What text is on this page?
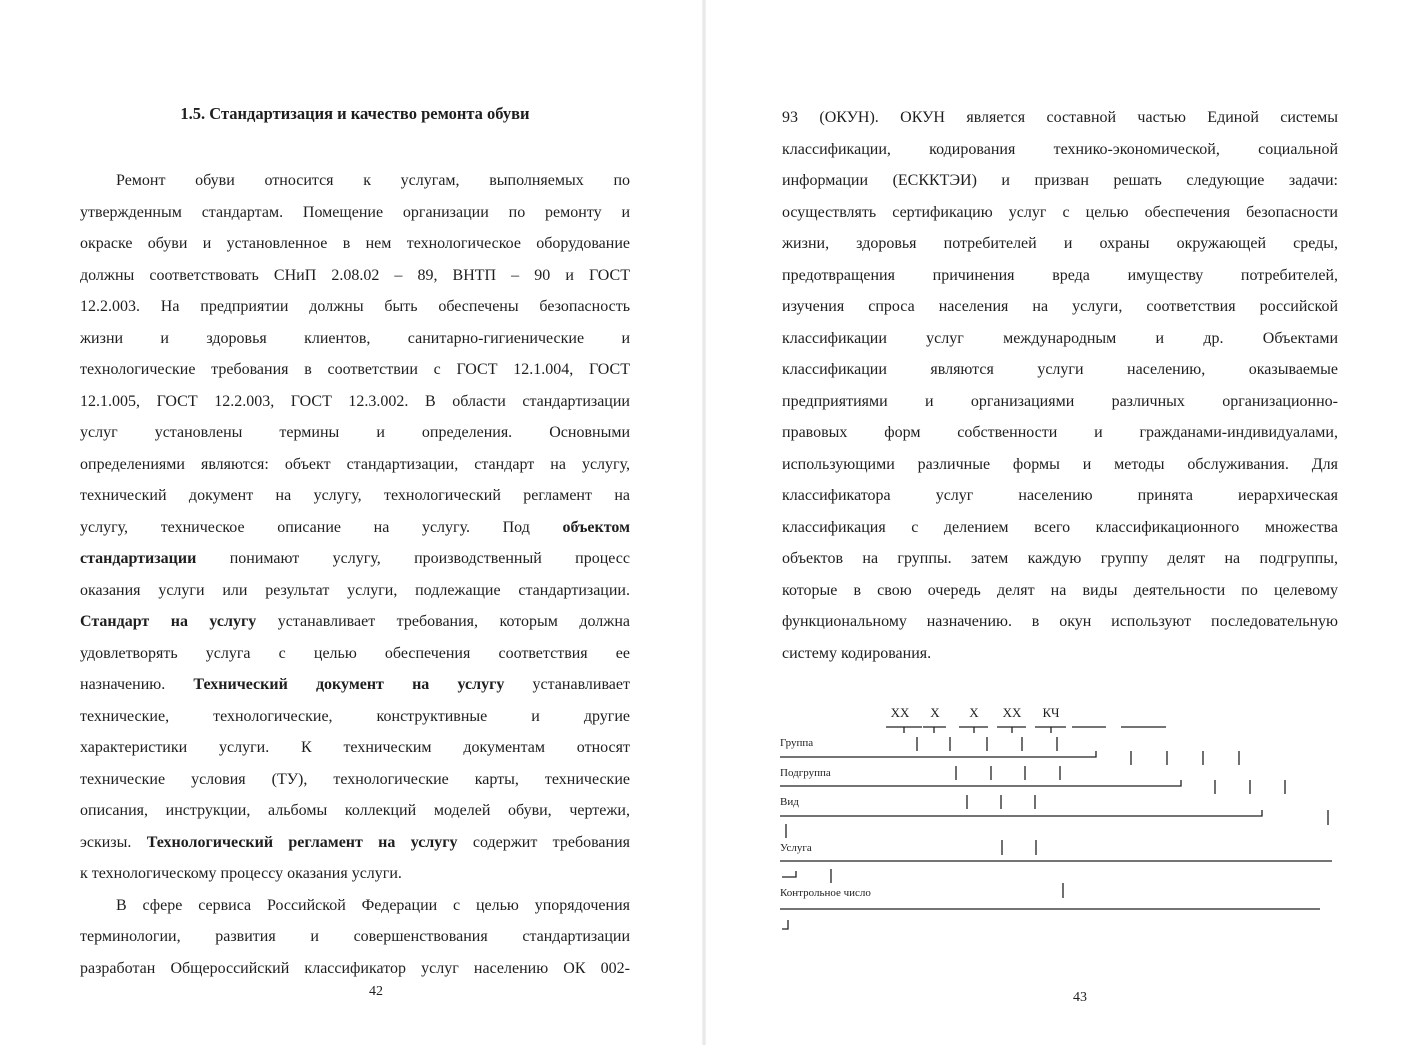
1.5. Стандартизация и качество ремонта обуви
Ремонт обуви относится к услугам, выполняемых по
утвержденным стандартам. Помещение организации по ремонту и
окраске обуви и установленное в нем технологическое оборудование
должны соответствовать СНиП 2.08.02 – 89, ВНТП – 90 и ГОСТ
12.2.003. На предприятии должны быть обеспечены безопасность
жизни и здоровья клиентов, санитарно-гигиенические и
технологические требования в соответствии с ГОСТ 12.1.004, ГОСТ
12.1.005, ГОСТ 12.2.003, ГОСТ 12.3.002. В области стандартизации
услуг установлены термины и определения. Основными
определениями являются: объект стандартизации, стандарт на услугу,
технический документ на услугу, технологический регламент на
услугу, техническое описание на услугу. Под объектом
стандартизации понимают услугу, производственный процесс
оказания услуги или результат услуги, подлежащие стандартизации.
Стандарт на услугу устанавливает требования, которым должна
удовлетворять услуга с целью обеспечения соответствия ее
назначению. Технический документ на услугу устанавливает
технические, технологические, конструктивные и другие
характеристики услуги. К техническим документам относят
технические условия (ТУ), технологические карты, технические
описания, инструкции, альбомы коллекций моделей обуви, чертежи,
эскизы. Технологический регламент на услугу содержит требования
к технологическому процессу оказания услуги.
В сфере сервиса Российской Федерации с целью упорядочения
терминологии, развития и совершенствования стандартизации
разработан Общероссийский классификатор услуг населению ОК 002-
42
93 (ОКУН). ОКУН является составной частью Единой системы
классификации, кодирования технико-экономической, социальной
информации (ЕСККТЭИ) и призван решать следующие задачи:
осуществлять сертификацию услуг с целью обеспечения безопасности
жизни, здоровья потребителей и охраны окружающей среды,
предотвращения причинения вреда имуществу потребителей,
изучения спроса населения на услуги, соответствия российской
классификации услуг международным и др. Объектами
классификации являются услуги населению, оказываемые
предприятиями и организациями различных организационно-
правовых форм собственности и гражданами-индивидуалами,
использующими различные формы и методы обслуживания. Для
классификатора услуг населению принята иерархическая
классификация с делением всего классификационного множества
объектов на группы. затем каждую группу делят на подгруппы,
которые в свою очередь делят на виды деятельности по целевому
функциональному назначению. в окун используют последовательную
систему кодирования.
ХХ Х Х ХХ КЧ
Группа
Подгруппа
Вид
Услуга
Контрольное число
43
